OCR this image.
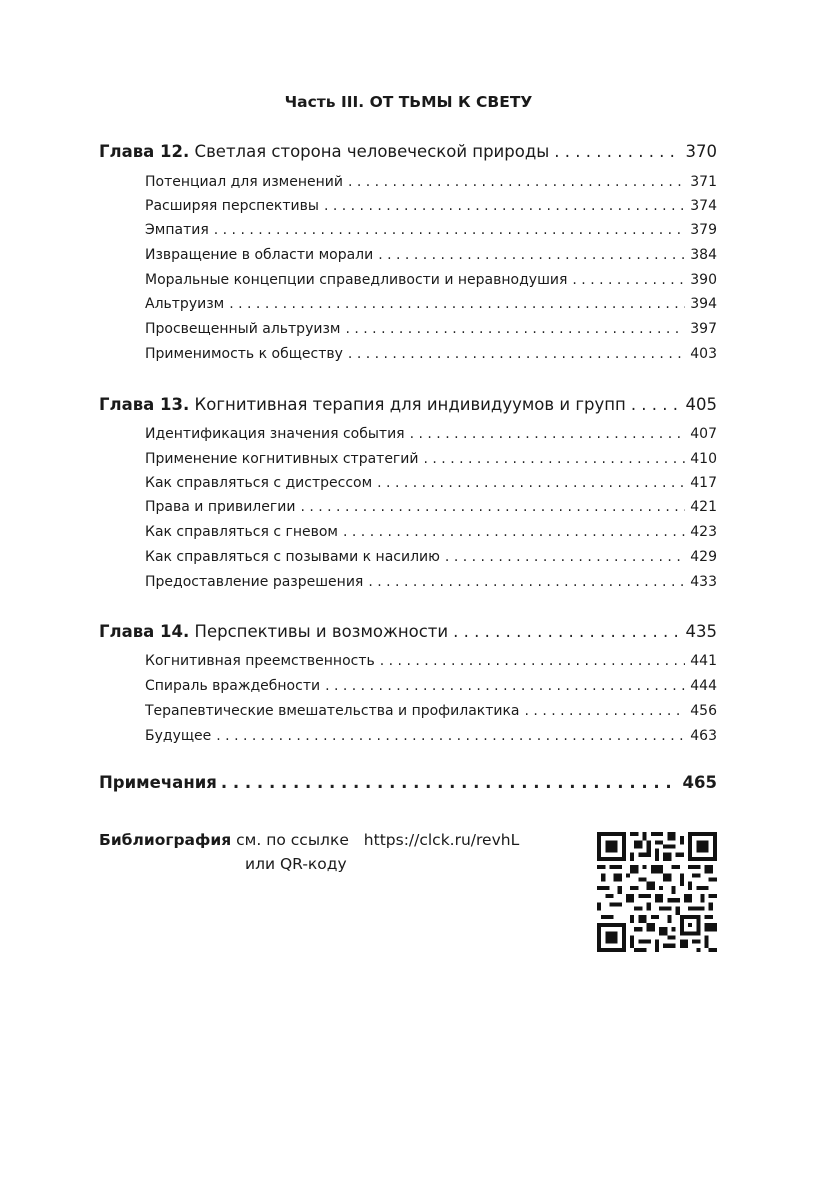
Часть III. ОТ ТЬМЫ К СВЕТУ
Глава 12. Светлая сторона человеческой природы . . .	370
Потенциал для изменений . . .	371
Расширяя перспективы . . .	374
Эмпатия . . .	379
Извращение в области морали . . .	384
Моральные концепции справедливости и неравнодушия . . .	390
Альтруизм . . .	394
Просвещенный альтруизм . . .	397
Применимость к обществу . . .	403
Глава 13. Когнитивная терапия для индивидуумов и групп . . .	405
Идентификация значения события . . .	407
Применение когнитивных стратегий . . .	410
Как справляться с дистрессом . . .	417
Права и привилегии . . .	421
Как справляться с гневом . . .	423
Как справляться с позывами к насилию . . .	429
Предоставление разрешения . . .	433
Глава 14. Перспективы и возможности . . .	435
Когнитивная преемственность . . .	441
Спираль враждебности . . .	444
Терапевтические вмешательства и профилактика . . .	456
Будущее . . .	463
Примечания . . .	465
Библиография см. по ссылке https://clck.ru/revhL
или QR-коду
